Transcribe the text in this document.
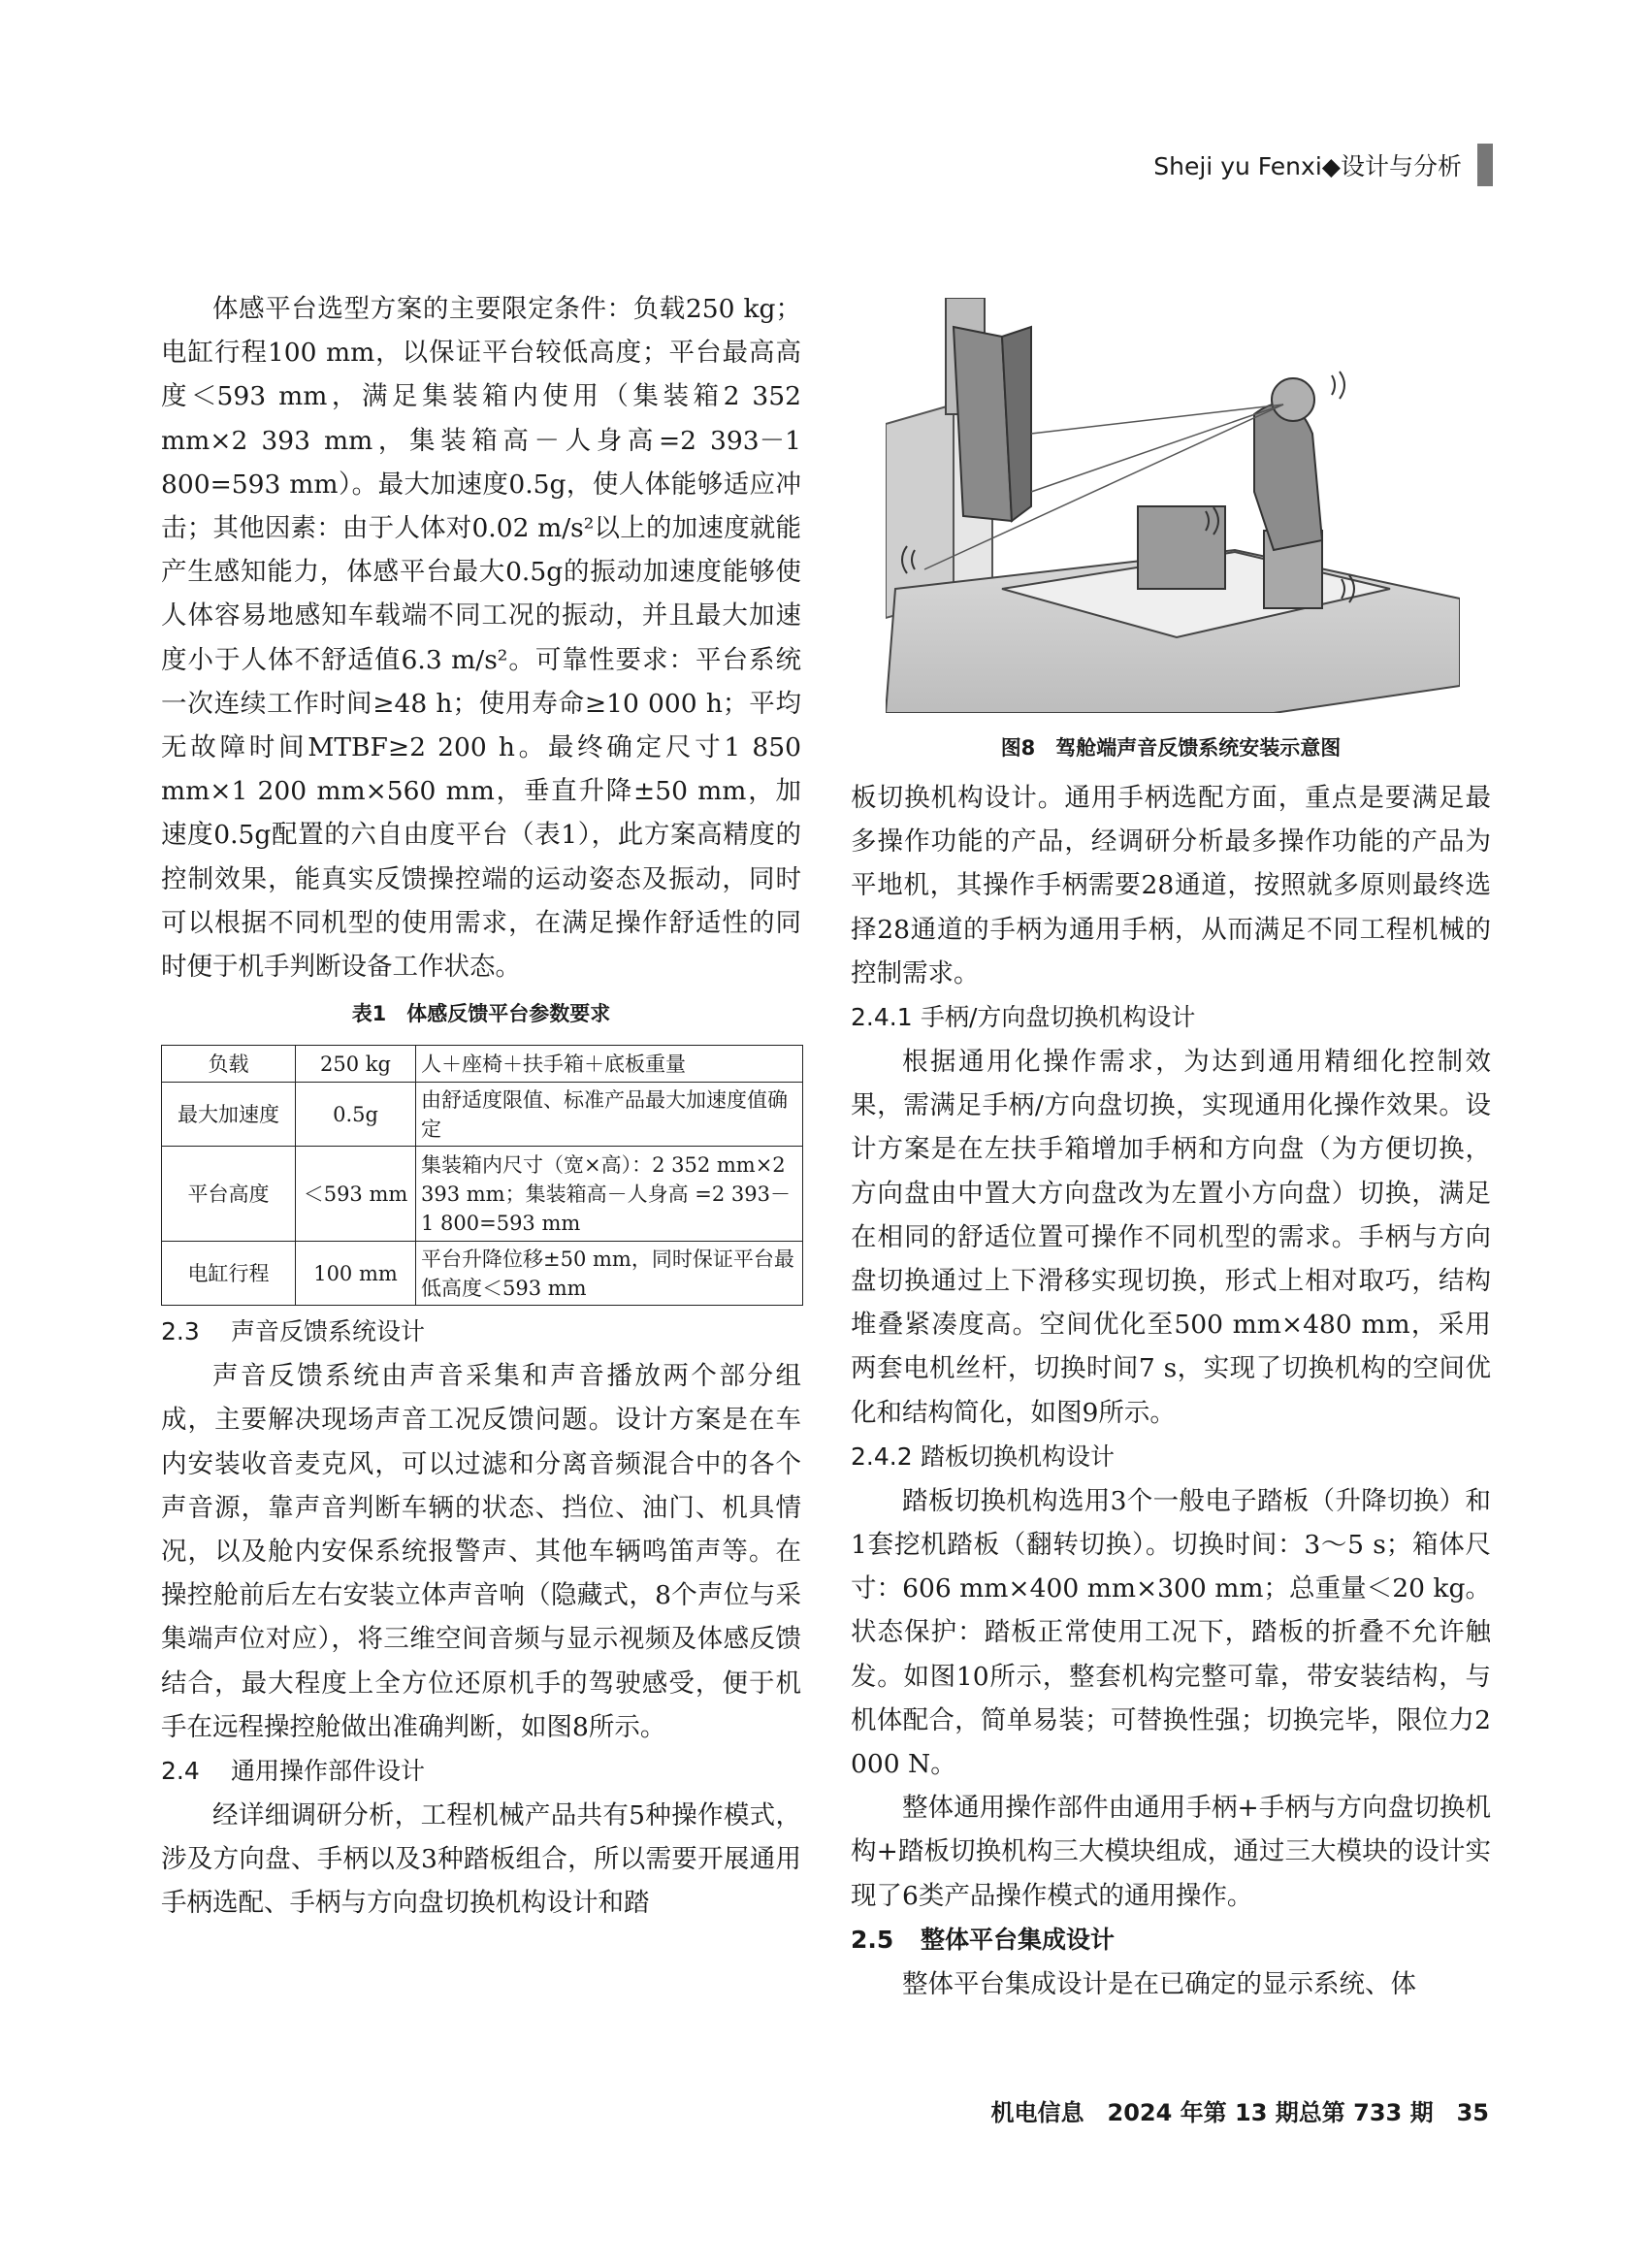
Sheji yu Fenxi◆设计与分析

体感平台选型方案的主要限定条件：负载250 kg；电缸行程100 mm，以保证平台较低高度；平台最高高度＜593 mm，满足集装箱内使用（集装箱2 352 mm×2 393 mm，集装箱高－人身高=2 393－1 800=593 mm）。最大加速度0.5g，使人体能够适应冲击；其他因素：由于人体对0.02 m/s²以上的加速度就能产生感知能力，体感平台最大0.5g的振动加速度能够使人体容易地感知车载端不同工况的振动，并且最大加速度小于人体不舒适值6.3 m/s²。可靠性要求：平台系统一次连续工作时间≥48 h；使用寿命≥10 000 h；平均无故障时间MTBF≥2 200 h。最终确定尺寸1 850 mm×1 200 mm×560 mm，垂直升降±50 mm，加速度0.5g配置的六自由度平台（表1），此方案高精度的控制效果，能真实反馈操控端的运动姿态及振动，同时可以根据不同机型的使用需求，在满足操作舒适性的同时便于机手判断设备工作状态。

表1　体感反馈平台参数要求
负载	250 kg	人＋座椅＋扶手箱＋底板重量
最大加速度	0.5g	由舒适度限值、标准产品最大加速度值确定
平台高度	＜593 mm	集装箱内尺寸（宽×高）：2 352 mm×2 393 mm；集装箱高－人身高 =2 393－1 800=593 mm
电缸行程	100 mm	平台升降位移±50 mm，同时保证平台最低高度＜593 mm
2.3 声音反馈系统设计

声音反馈系统由声音采集和声音播放两个部分组成，主要解决现场声音工况反馈问题。设计方案是在车内安装收音麦克风，可以过滤和分离音频混合中的各个声音源，靠声音判断车辆的状态、挡位、油门、机具情况，以及舱内安保系统报警声、其他车辆鸣笛声等。在操控舱前后左右安装立体声音响（隐藏式，8个声位与采集端声位对应），将三维空间音频与显示视频及体感反馈结合，最大程度上全方位还原机手的驾驶感受，便于机手在远程操控舱做出准确判断，如图8所示。

2.4 通用操作部件设计

经详细调研分析，工程机械产品共有5种操作模式，涉及方向盘、手柄以及3种踏板组合，所以需要开展通用手柄选配、手柄与方向盘切换机构设计和踏

图8　驾舱端声音反馈系统安装示意图

板切换机构设计。通用手柄选配方面，重点是要满足最多操作功能的产品，经调研分析最多操作功能的产品为平地机，其操作手柄需要28通道，按照就多原则最终选择28通道的手柄为通用手柄，从而满足不同工程机械的控制需求。

2.4.1 手柄/方向盘切换机构设计

根据通用化操作需求，为达到通用精细化控制效果，需满足手柄/方向盘切换，实现通用化操作效果。设计方案是在左扶手箱增加手柄和方向盘（为方便切换，方向盘由中置大方向盘改为左置小方向盘）切换，满足在相同的舒适位置可操作不同机型的需求。手柄与方向盘切换通过上下滑移实现切换，形式上相对取巧，结构堆叠紧凑度高。空间优化至500 mm×480 mm，采用两套电机丝杆，切换时间7 s，实现了切换机构的空间优化和结构简化，如图9所示。

2.4.2 踏板切换机构设计

踏板切换机构选用3个一般电子踏板（升降切换）和1套挖机踏板（翻转切换）。切换时间：3～5 s；箱体尺寸：606 mm×400 mm×300 mm；总重量＜20 kg。状态保护：踏板正常使用工况下，踏板的折叠不允许触发。如图10所示，整套机构完整可靠，带安装结构，与机体配合，简单易装；可替换性强；切换完毕，限位力2 000 N。

整体通用操作部件由通用手柄+手柄与方向盘切换机构+踏板切换机构三大模块组成，通过三大模块的设计实现了6类产品操作模式的通用操作。

2.5 整体平台集成设计

整体平台集成设计是在已确定的显示系统、体

机电信息　2024 年第 13 期总第 733 期　35
